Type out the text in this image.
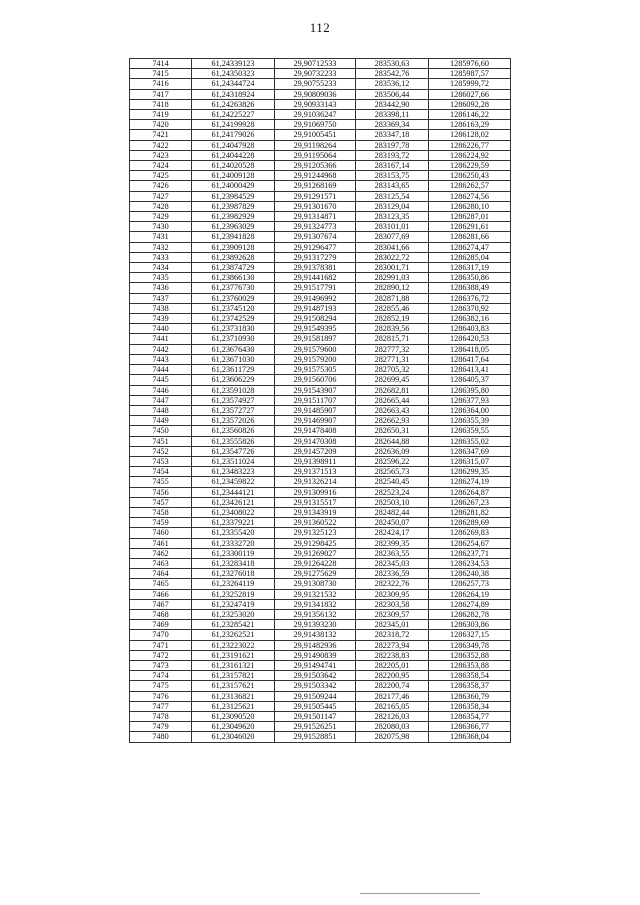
112
7414	61,24339123	29,90712533	283530,63	1285976,60
7415	61,24350323	29,90732233	283542,76	1285987,57
7416	61,24344724	29,90755233	283536,12	1285999,72
7417	61,24318924	29,90809036	283506,44	1286027,66
7418	61,24263826	29,90933143	283442,90	1286092,28
7419	61,24225227	29,91036247	283398,11	1286146,22
7420	61,24199928	29,91069750	283369,34	1286163,29
7421	61,24179026	29,91005451	283347,18	1286128,02
7422	61,24047928	29,91198264	283197,78	1286226,77
7423	61,24044228	29,91195064	283193,72	1286224,92
7424	61,24020528	29,91205366	283167,14	1286229,59
7425	61,24009128	29,91244968	283153,75	1286250,43
7426	61,24000429	29,91268169	283143,65	1286262,57
7427	61,23984529	29,91291571	283125,54	1286274,56
7428	61,23987829	29,91301670	283129,04	1286280,10
7429	61,23982929	29,91314871	283123,35	1286287,01
7430	61,23963029	29,91324773	283101,01	1286291,61
7431	61,23941828	29,91307674	283077,69	1286281,66
7432	61,23909128	29,91296477	283041,66	1286274,47
7433	61,23892628	29,91317279	283022,72	1286285,04
7434	61,23874729	29,91378381	283001,71	1286317,19
7435	61,23866130	29,91441682	282991,03	1286350,86
7436	61,23776730	29,91517791	282890,12	1286388,49
7437	61,23760029	29,91496992	282871,88	1286376,72
7438	61,23745120	29,91487193	282855,46	1286370,92
7439	61,23742529	29,91508294	282852,19	1286382,16
7440	61,23731830	29,91549395	282839,56	1286403,83
7441	61,23710930	29,91581897	282815,71	1286420,53
7442	61,23676430	29,91579600	282777,32	1286418,05
7443	61,23671030	29,91579200	282771,31	1286417,64
7444	61,23611729	29,91575305	282705,32	1286413,41
7445	61,23606229	29,91560706	282699,45	1286405,37
7446	61,23591028	29,91543907	282682,81	1286395,80
7447	61,23574927	29,91511707	282665,44	1286377,93
7448	61,23572727	29,91485907	282663,43	1286364,00
7449	61,23572026	29,91469907	282662,93	1286355,39
7450	61,23560826	29,91478408	282650,31	1286359,55
7451	61,23555826	29,91470308	282644,88	1286355,02
7452	61,23547726	29,91457209	282636,09	1286347,69
7453	61,23511024	29,91398911	282596,22	1286315,07
7454	61,23483223	29,91371513	282565,73	1286299,35
7455	61,23459822	29,91326214	282540,45	1286274,19
7456	61,23444121	29,91309916	282523,24	1286264,87
7457	61,23426121	29,91315517	282503,10	1286267,23
7458	61,23408022	29,91343919	282482,44	1286281,82
7459	61,23379221	29,91360522	282450,07	1286289,69
7460	61,23355420	29,91325123	282424,17	1286269,83
7461	61,23332720	29,91298425	282399,35	1286254,67
7462	61,23300119	29,91269027	282363,55	1286237,71
7463	61,23283418	29,91264228	282345,03	1286234,53
7464	61,23276018	29,91275629	282336,59	1286240,38
7465	61,23264119	29,91308730	282322,76	1286257,73
7466	61,23252819	29,91321532	282309,95	1286264,19
7467	61,23247419	29,91341832	282303,58	1286274,89
7468	61,23253020	29,91356132	282309,57	1286282,78
7469	61,23285421	29,91393230	282345,01	1286303,86
7470	61,23262521	29,91438132	282318,72	1286327,15
7471	61,23223022	29,91482936	282273,94	1286349,78
7472	61,23191621	29,91490839	282238,83	1286352,88
7473	61,23161321	29,91494741	282205,01	1286353,88
7474	61,23157821	29,91503642	282200,95	1286358,54
7475	61,23157621	29,91503342	282200,74	1286358,37
7476	61,23136821	29,91509244	282177,46	1286360,79
7477	61,23125621	29,91505445	282165,05	1286358,34
7478	61,23090520	29,91501147	282126,03	1286354,77
7479	61,23049620	29,91526251	282080,03	1286366,77
7480	61,23046020	29,91528851	282075,98	1286368,04
